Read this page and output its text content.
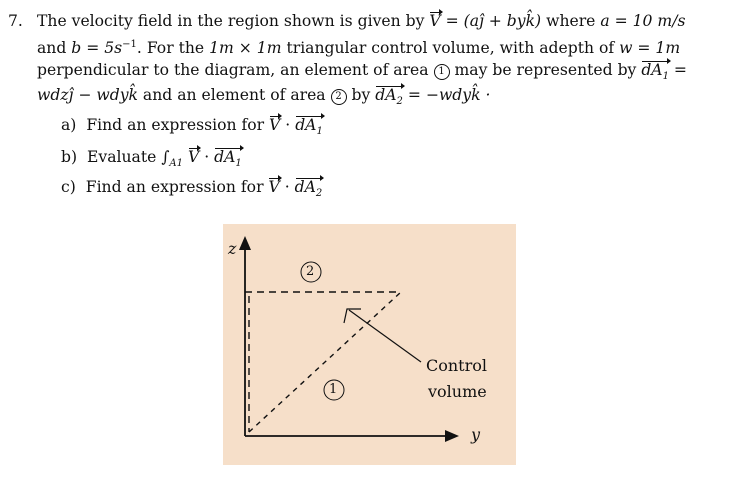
7. The velocity field in the region shown is given by V = (aĵ + byk̂) where a = 10 m/s
and $b = 5s^{-1}$. For the 1m × 1m triangular control volume, with adepth of w = 1m
perpendicular to the diagram, an element of area 1 may be represented by $dA_1$ =
wdzĵ − wdyk̂ and an element of area 2 by $dA_2$ = −wdyk̂ ·
a) Find an expression for $V \cdot dA_1$
b) Evaluate $\int_{A1}$ $V \cdot dA_1$
c) Find an expression for $V \cdot dA_2$
z
y
2
1
Control
volume
